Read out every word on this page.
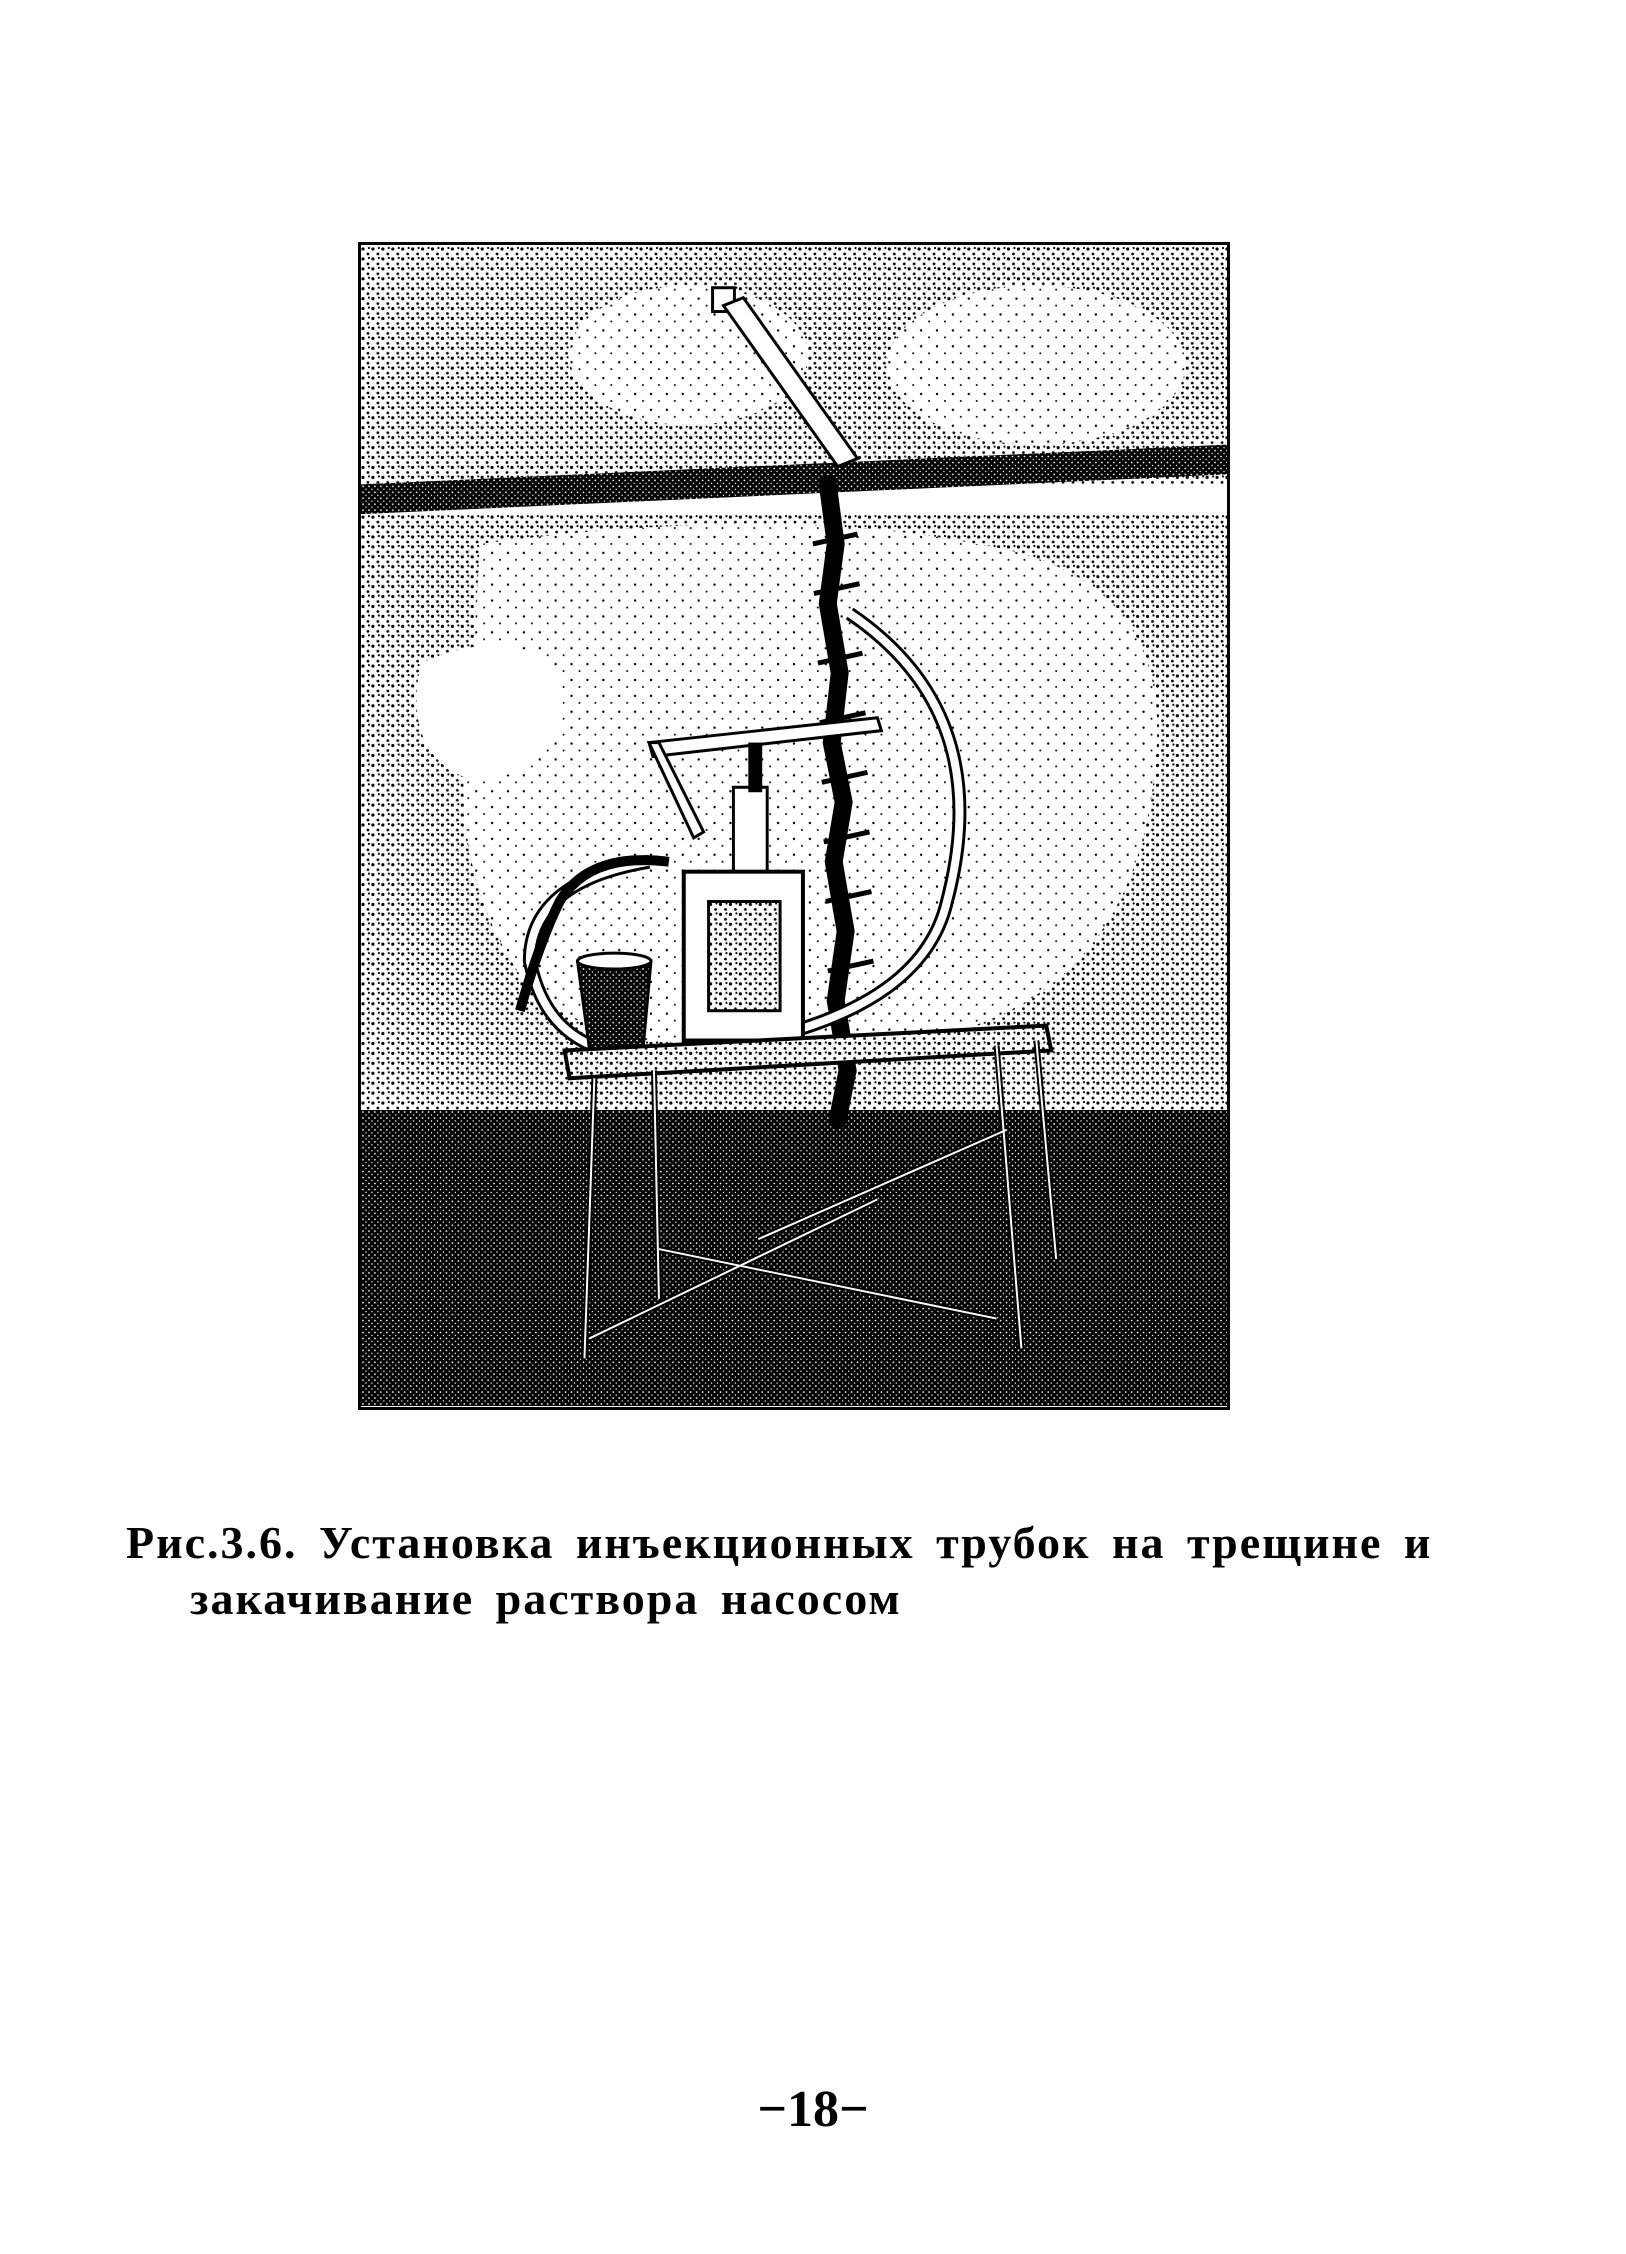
Рис.3.6. Установка инъекционных трубок на трещине и
закачивание раствора насосом
−18−
